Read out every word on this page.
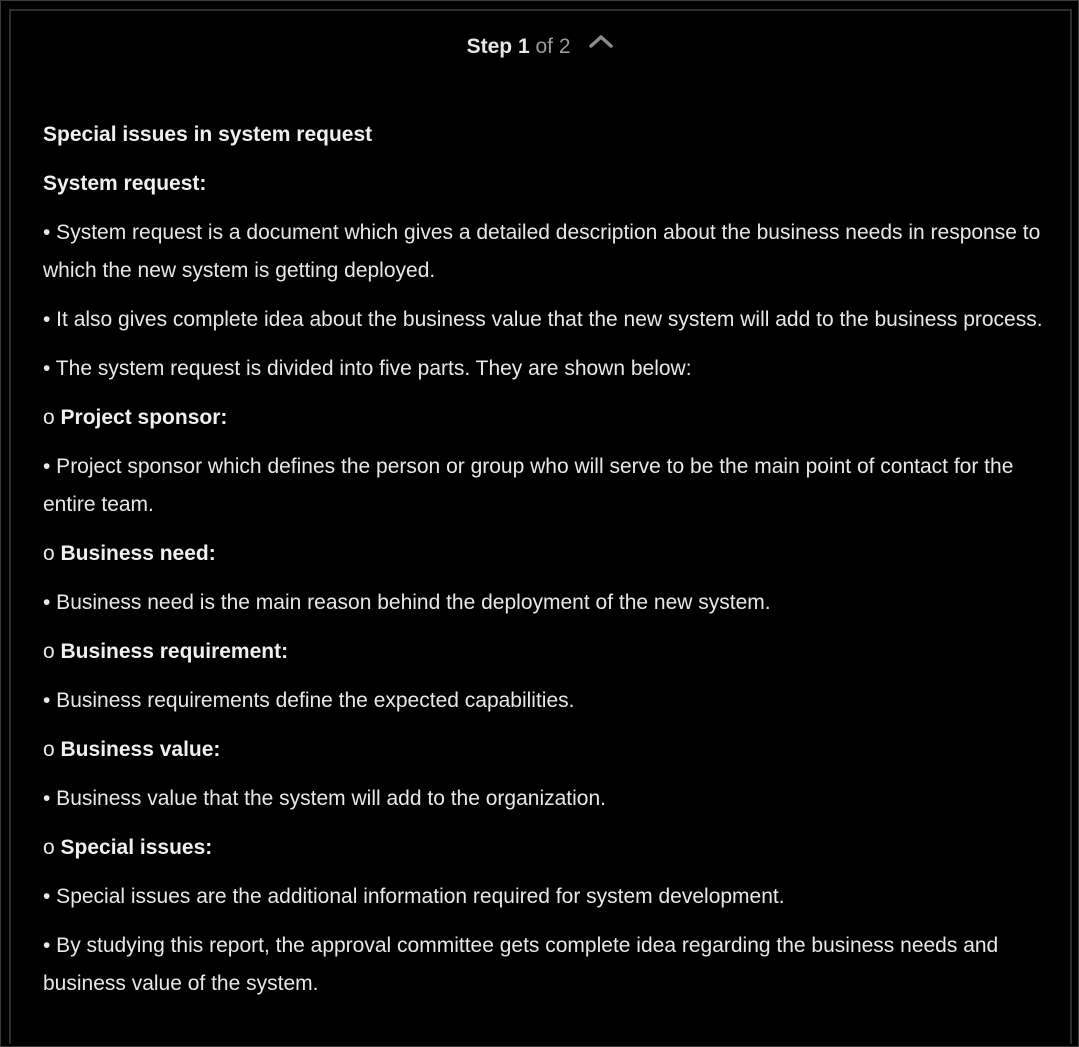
Step 1 of 2

Special issues in system request

System request:

• System request is a document which gives a detailed description about the business needs in response to which the new system is getting deployed.

• It also gives complete idea about the business value that the new system will add to the business process.

• The system request is divided into five parts. They are shown below:

o Project sponsor:

• Project sponsor which defines the person or group who will serve to be the main point of contact for the entire team.

o Business need:

• Business need is the main reason behind the deployment of the new system.

o Business requirement:

• Business requirements define the expected capabilities.

o Business value:

• Business value that the system will add to the organization.

o Special issues:

• Special issues are the additional information required for system development.

• By studying this report, the approval committee gets complete idea regarding the business needs and business value of the system.
